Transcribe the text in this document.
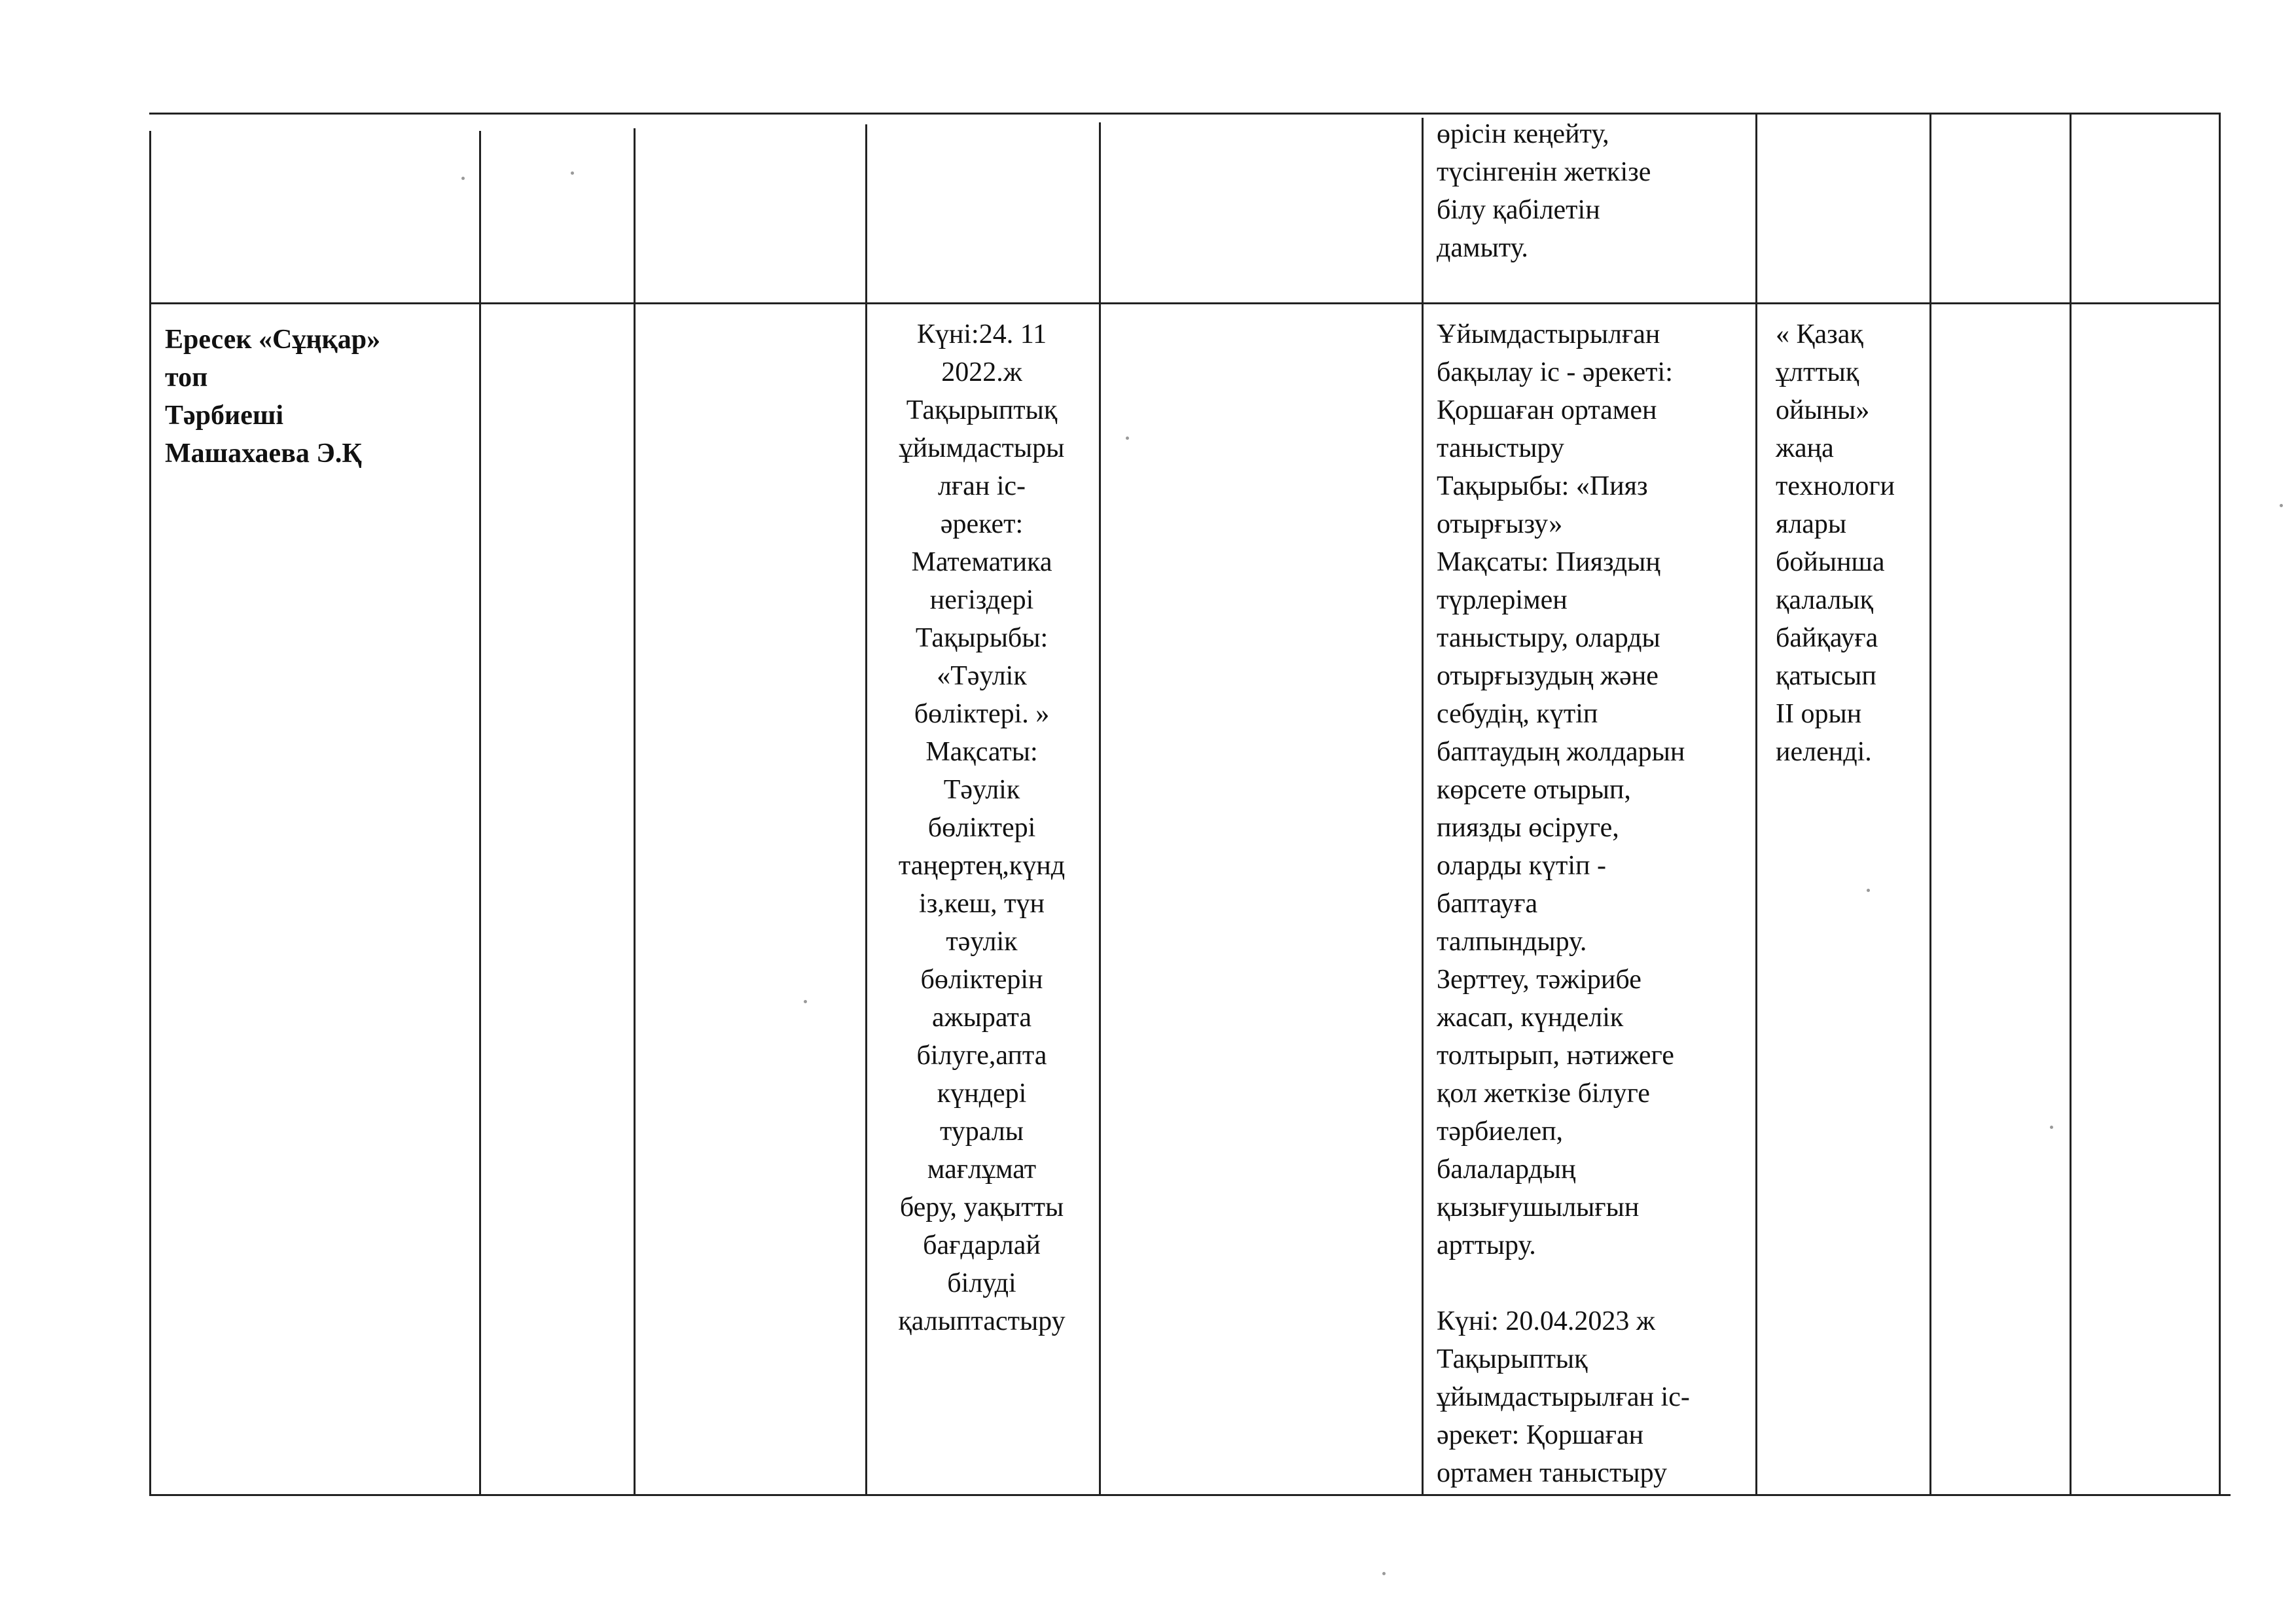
өрісін кеңейту,
түсінгенін жеткізе
білу қабілетін
дамыту.
Ересек «Сұңқар»
топ
Тәрбиеші
Машахаева Э.Қ
Күні:24. 11
2022.ж
Тақырыптық
ұйымдастыры
лған іс-
әрекет:
Математика
негіздері
Тақырыбы:
«Тәулік
бөліктері. »
Мақсаты:
Тәулік
бөліктері
таңертең,күнд
із,кеш, түн
тәулік
бөліктерін
ажырата
білуге,апта
күндері
туралы
мағлұмат
беру, уақытты
бағдарлай
білуді
қалыптастыру
Ұйымдастырылған
бақылау іс - әрекеті:
Қоршаған ортамен
таныстыру
Тақырыбы: «Пияз
отырғызу»
Мақсаты: Пияздың
түрлерімен
таныстыру, оларды
отырғызудың және
себудің, күтіп
баптаудың жолдарын
көрсете отырып,
пиязды өсіруге,
оларды күтіп -
баптауға
талпындыру.
Зерттеу, тәжірибе
жасап, күнделік
толтырып, нәтижеге
қол жеткізе білуге
тәрбиелеп,
балалардың
қызығушылығын
арттыру.

Күні: 20.04.2023 ж
Тақырыптық
ұйымдастырылған іс-
әрекет: Қоршаған
ортамен таныстыру
« Қазақ
ұлттық
ойыны»
жаңа
технологи
ялары
бойынша
қалалық
байқауға
қатысып
ІІ орын
иеленді.
